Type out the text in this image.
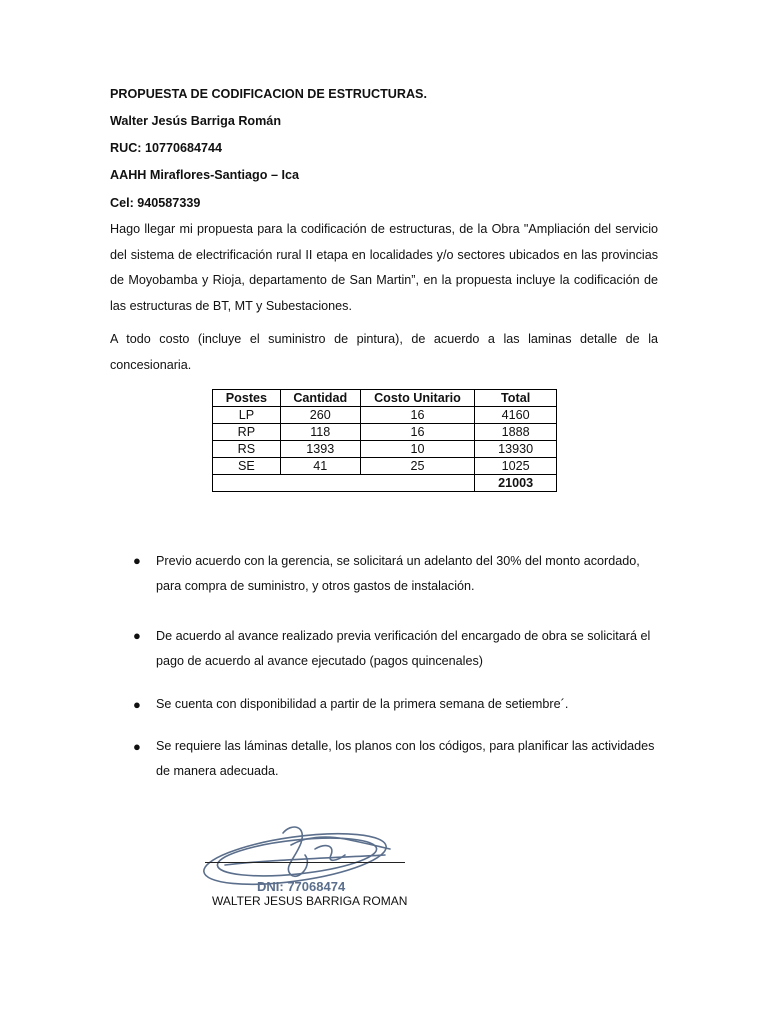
PROPUESTA DE CODIFICACION DE ESTRUCTURAS.
Walter Jesús Barriga Román
RUC: 10770684744
AAHH Miraflores-Santiago – Ica
Cel: 940587339

Hago llegar mi propuesta para la codificación de estructuras, de la Obra "Ampliación del servicio del sistema de electrificación rural II etapa en localidades y/o sectores ubicados en las provincias de Moyobamba y Rioja, departamento de San Martin”, en la propuesta incluye la codificación de las estructuras de BT, MT y Subestaciones.

A todo costo (incluye el suministro de pintura), de acuerdo a las laminas detalle de la concesionaria.

Postes	Cantidad	Costo Unitario	Total
LP	260	16	4160
RP	118	16	1888
RS	1393	10	13930
SE	41	25	1025
			21003
● Previo acuerdo con la gerencia, se solicitará un adelanto del 30% del monto acordado, para compra de suministro, y otros gastos de instalación.
● De acuerdo al avance realizado previa verificación del encargado de obra se solicitará el pago de acuerdo al avance ejecutado (pagos quincenales)
● Se cuenta con disponibilidad a partir de la primera semana de setiembre´.
● Se requiere las láminas detalle, los planos con los códigos, para planificar las actividades de manera adecuada.
DNI: 77068474
WALTER JESUS BARRIGA ROMAN
